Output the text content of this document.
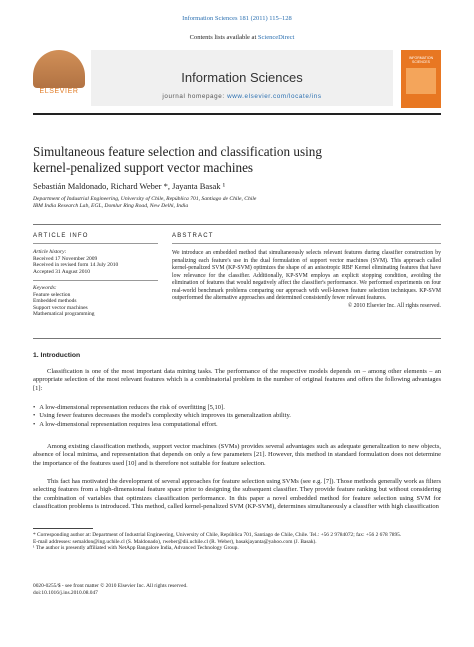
Information Sciences 181 (2011) 115–128
ELSEVIER
Contents lists available at ScienceDirect
Information Sciences
journal homepage: www.elsevier.com/locate/ins
INFORMATION SCIENCES
Simultaneous feature selection and classification using
kernel-penalized support vector machines
Sebastián Maldonado, Richard Weber *, Jayanta Basak ¹
Department of Industrial Engineering, University of Chile, República 701, Santiago de Chile, Chile
IBM India Research Lab, EGL, Domlur Ring Road, New Delhi, India
ARTICLE INFO
Article history:
Received 17 November 2009
Received in revised form 14 July 2010
Accepted 31 August 2010
Keywords:
Feature selection
Embedded methods
Support vector machines
Mathematical programming
ABSTRACT
We introduce an embedded method that simultaneously selects relevant features during classifier construction by penalizing each feature's use in the dual formulation of support vector machines (SVM). This approach called kernel-penalized SVM (KP-SVM) optimizes the shape of an anisotropic RBF Kernel eliminating features that have low relevance for the classifier. Additionally, KP-SVM employs an explicit stopping condition, avoiding the elimination of features that would negatively affect the classifier's performance. We performed experiments on four real-world benchmark problems comparing our approach with well-known feature selection techniques. KP-SVM outperformed the alternative approaches and determined consistently fewer relevant features.
© 2010 Elsevier Inc. All rights reserved.
1. Introduction
Classification is one of the most important data mining tasks. The performance of the respective models depends on – among other elements – an appropriate selection of the most relevant features which is a combinatorial problem in the number of original features and offers the following advantages [1]:
• A low-dimensional representation reduces the risk of overfitting [5,10].
• Using fewer features decreases the model's complexity which improves its generalization ability.
• A low-dimensional representation requires less computational effort.
Among existing classification methods, support vector machines (SVMs) provides several advantages such as adequate generalization to new objects, absence of local minima, and representation that depends on only a few parameters [21]. However, this method in standard formulation does not determine the importance of the features used [10] and is therefore not suitable for feature selection.
This fact has motivated the development of several approaches for feature selection using SVMs (see e.g. [7]). Those methods generally work as filters selecting features from a high-dimensional feature space prior to designing the subsequent classifier. They provide feature ranking but without considering the combination of variables that optimizes classification performance. In this paper a novel embedded method for feature selection using SVM for classification problems is introduced. This method, called kernel-penalized SVM (KP-SVM), determines simultaneously a classifier with high classification
* Corresponding author at: Department of Industrial Engineering, University of Chile, República 701, Santiago de Chile, Chile. Tel.: +56 2 9784072; fax: +56 2 678 7895.
E-mail addresses: semaldon@ing.uchile.cl (S. Maldonado), rweber@dii.uchile.cl (R. Weber), basakjayanta@yahoo.com (J. Basak).
¹ The author is presently affiliated with NetApp Bangalore India, Advanced Technology Group.
0020-0255/$ - see front matter © 2010 Elsevier Inc. All rights reserved.
doi:10.1016/j.ins.2010.08.047
